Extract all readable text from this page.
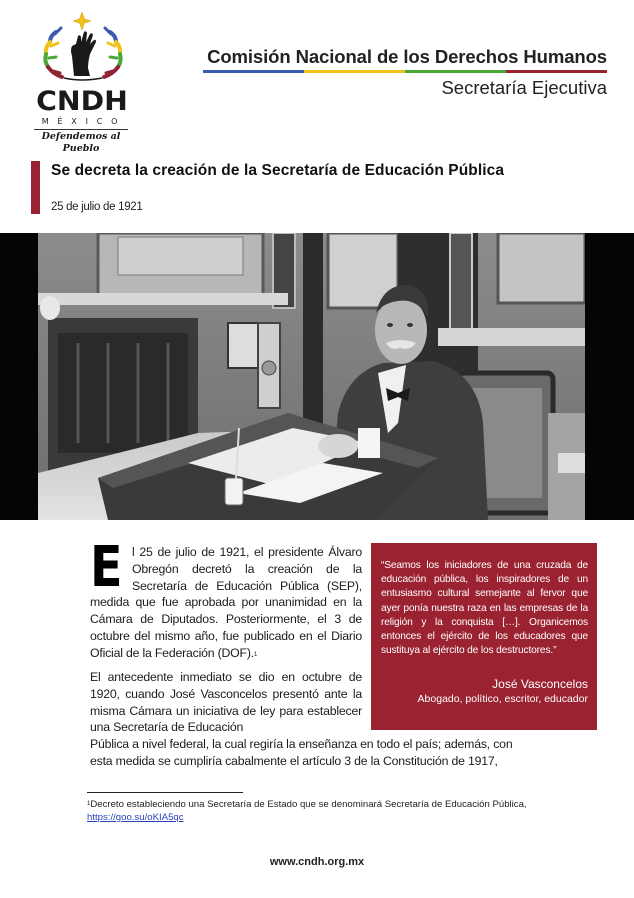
CNDH
MÉXICO
Defendemos al Pueblo
Comisión Nacional de los Derechos Humanos
Secretaría Ejecutiva
Se decreta la creación de la Secretaría de Educación Pública
25 de julio de 1921
El 25 de julio de 1921, el presidente Álvaro Obregón decretó la creación de la Secretaría de Educación Pública (SEP), medida que fue aprobada por unanimidad en la Cámara de Diputados. Posteriormente, el 3 de octubre del mismo año, fue publicado en el Diario Oficial de la Federación (DOF).$^1$
El antecedente inmediato se dio en octubre de 1920, cuando José Vasconcelos presentó ante la misma Cámara un iniciativa de ley para establecer una Secretaría de Educación
Pública a nivel federal, la cual regiría la enseñanza en todo el país; además, con
esta medida se cumpliría cabalmente el artículo 3 de la Constitución de 1917,
“Seamos los iniciadores de una cruzada de educación pública, los inspiradores de un entusiasmo cultural semejante al fervor que ayer ponía nuestra raza en las empresas de la religión y la conquista […]. Organicemos entonces el ejército de los educadores que sustituya al ejército de los destructores.”
José Vasconcelos
Abogado, político, escritor, educador
$^1$Decreto estableciendo una Secretaría de Estado que se denominará Secretaría de Educación Pública, https://goo.su/oKIA5qc
www.cndh.org.mx
